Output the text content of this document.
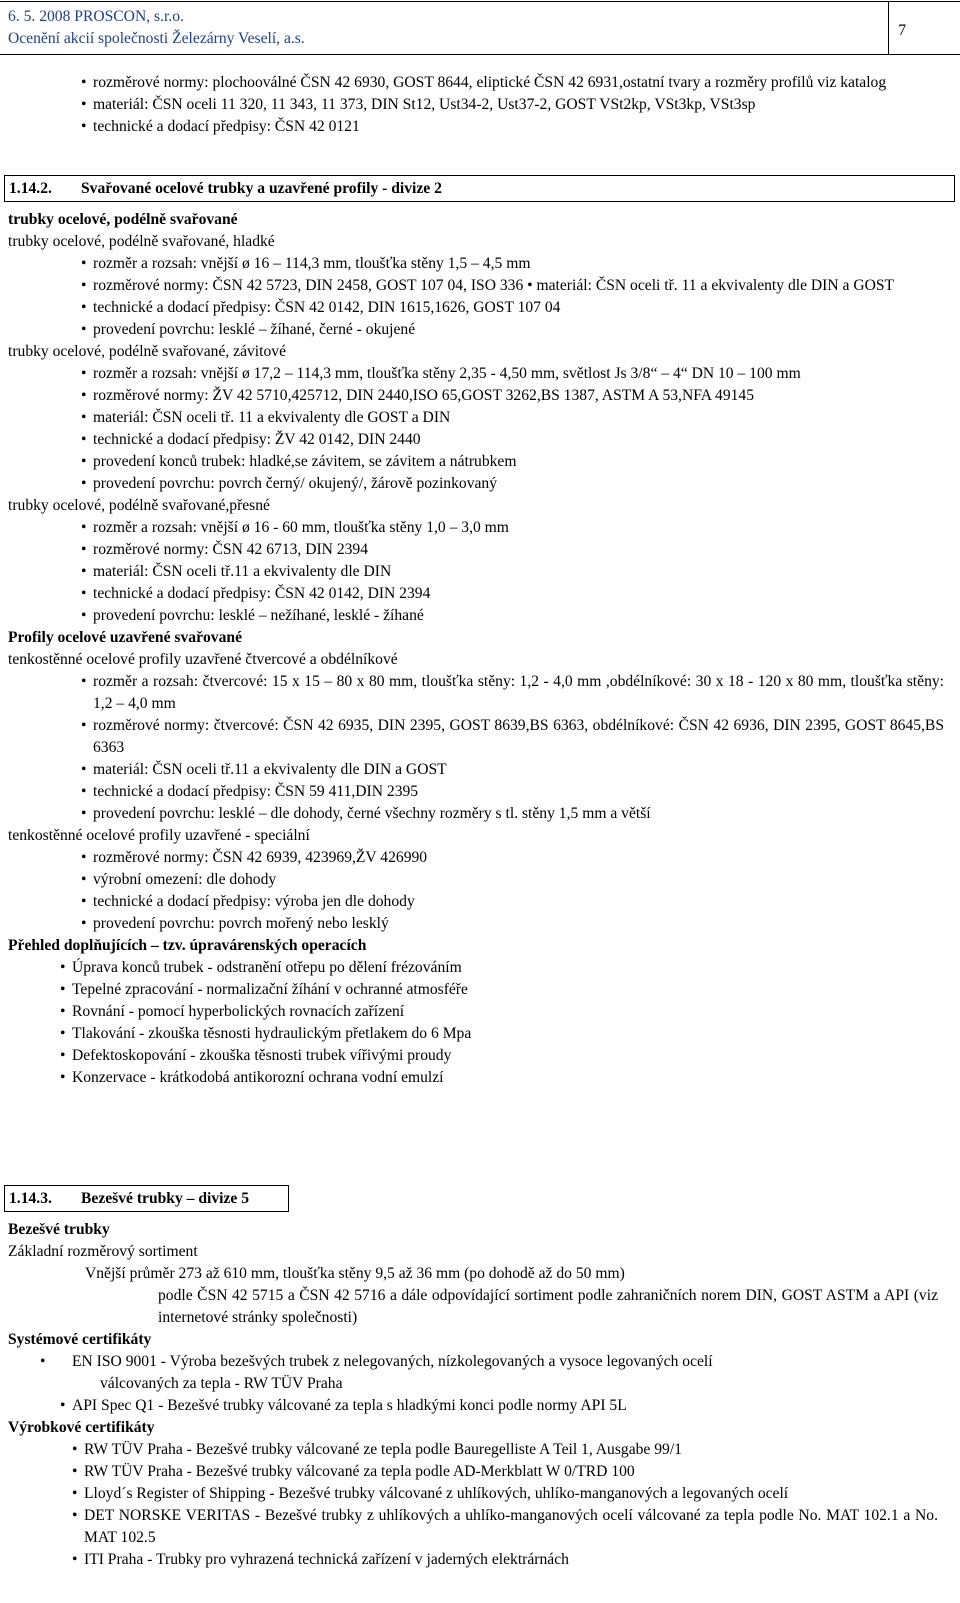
6. 5. 2008 PROSCON, s.r.o.
Ocenění akcií společnosti Železárny Veselí, a.s.	7
• rozměrové normy: plochooválné ČSN 42 6930, GOST 8644, eliptické ČSN 42 6931,ostatní tvary a rozměry profilů viz katalog
• materiál: ČSN oceli 11 320, 11 343, 11 373, DIN St12, Ust34-2, Ust37-2, GOST VSt2kp, VSt3kp, VSt3sp
• technické a dodací předpisy: ČSN 42 0121
1.14.2. Svařované ocelové trubky a uzavřené profily - divize 2
trubky ocelové, podélně svařované
trubky ocelové, podélně svařované, hladké
• rozměr a rozsah: vnější ø 16 – 114,3 mm, tloušťka stěny 1,5 – 4,5 mm
• rozměrové normy: ČSN 42 5723, DIN 2458, GOST 107 04, ISO 336 • materiál: ČSN oceli tř. 11 a ekvivalenty dle DIN a GOST
• technické a dodací předpisy: ČSN 42 0142, DIN 1615,1626, GOST 107 04
• provedení povrchu: lesklé – žíhané, černé - okujené
trubky ocelové, podélně svařované, závitové
• rozměr a rozsah: vnější ø 17,2 – 114,3 mm, tloušťka stěny 2,35 - 4,50 mm, světlost Js 3/8“ – 4“ DN 10 – 100 mm
• rozměrové normy: ŽV 42 5710,425712, DIN 2440,ISO 65,GOST 3262,BS 1387, ASTM A 53,NFA 49145
• materiál: ČSN oceli tř. 11 a ekvivalenty dle GOST a DIN
• technické a dodací předpisy: ŽV 42 0142, DIN 2440
• provedení konců trubek: hladké,se závitem, se závitem a nátrubkem
• provedení povrchu: povrch černý/ okujený/, žárově pozinkovaný
trubky ocelové, podélně svařované,přesné
• rozměr a rozsah: vnější ø 16 - 60 mm, tloušťka stěny 1,0 – 3,0 mm
• rozměrové normy: ČSN 42 6713, DIN 2394
• materiál: ČSN oceli tř.11 a ekvivalenty dle DIN
• technické a dodací předpisy: ČSN 42 0142, DIN 2394
• provedení povrchu: lesklé – nežíhané, lesklé - žíhané
Profily ocelové uzavřené svařované
tenkostěnné ocelové profily uzavřené čtvercové a obdélníkové
• rozměr a rozsah: čtvercové: 15 x 15 – 80 x 80 mm, tloušťka stěny: 1,2 - 4,0 mm ,obdélníkové: 30 x 18 - 120 x 80 mm, tloušťka stěny: 1,2 – 4,0 mm
• rozměrové normy: čtvercové: ČSN 42 6935, DIN 2395, GOST 8639,BS 6363, obdélníkové: ČSN 42 6936, DIN 2395, GOST 8645,BS 6363
• materiál: ČSN oceli tř.11 a ekvivalenty dle DIN a GOST
• technické a dodací předpisy: ČSN 59 411,DIN 2395
• provedení povrchu: lesklé – dle dohody, černé všechny rozměry s tl. stěny 1,5 mm a větší
tenkostěnné ocelové profily uzavřené - speciální
• rozměrové normy: ČSN 42 6939, 423969,ŽV 426990
• výrobní omezení: dle dohody
• technické a dodací předpisy: výroba jen dle dohody
• provedení povrchu: povrch mořený nebo lesklý
Přehled doplňujících – tzv. úpravárenských operacích
• Úprava konců trubek - odstranění otřepu po dělení frézováním
• Tepelné zpracování - normalizační žíhání v ochranné atmosféře
• Rovnání - pomocí hyperbolických rovnacích zařízení
• Tlakování - zkouška těsnosti hydraulickým přetlakem do 6 Mpa
• Defektoskopování - zkouška těsnosti trubek vířivými proudy
• Konzervace - krátkodobá antikorozní ochrana vodní emulzí
1.14.3. Bezešvé trubky – divize 5
Bezešvé trubky
Základní rozměrový sortiment
Vnější průměr 273 až 610 mm, tloušťka stěny 9,5 až 36 mm (po dohodě až do 50 mm)
podle ČSN 42 5715 a ČSN 42 5716 a dále odpovídající sortiment podle zahraničních norem DIN, GOST ASTM a API (viz internetové stránky společnosti)
Systémové certifikáty
• EN ISO 9001 - Výroba bezešvých trubek z nelegovaných, nízkolegovaných a vysoce legovaných ocelí
válcovaných za tepla - RW TÜV Praha
• API Spec Q1 - Bezešvé trubky válcované za tepla s hladkými konci podle normy API 5L
Výrobkové certifikáty
• RW TÜV Praha - Bezešvé trubky válcované ze tepla podle Bauregelliste A Teil 1, Ausgabe 99/1
• RW TÜV Praha - Bezešvé trubky válcované za tepla podle AD-Merkblatt W 0/TRD 100
• Lloyd´s Register of Shipping - Bezešvé trubky válcované z uhlíkových, uhlíko-manganových a legovaných ocelí
• DET NORSKE VERITAS - Bezešvé trubky z uhlíkových a uhlíko-manganových ocelí válcované za tepla podle No. MAT 102.1 a No. MAT 102.5
• ITI Praha - Trubky pro vyhrazená technická zařízení v jaderných elektrárnách
